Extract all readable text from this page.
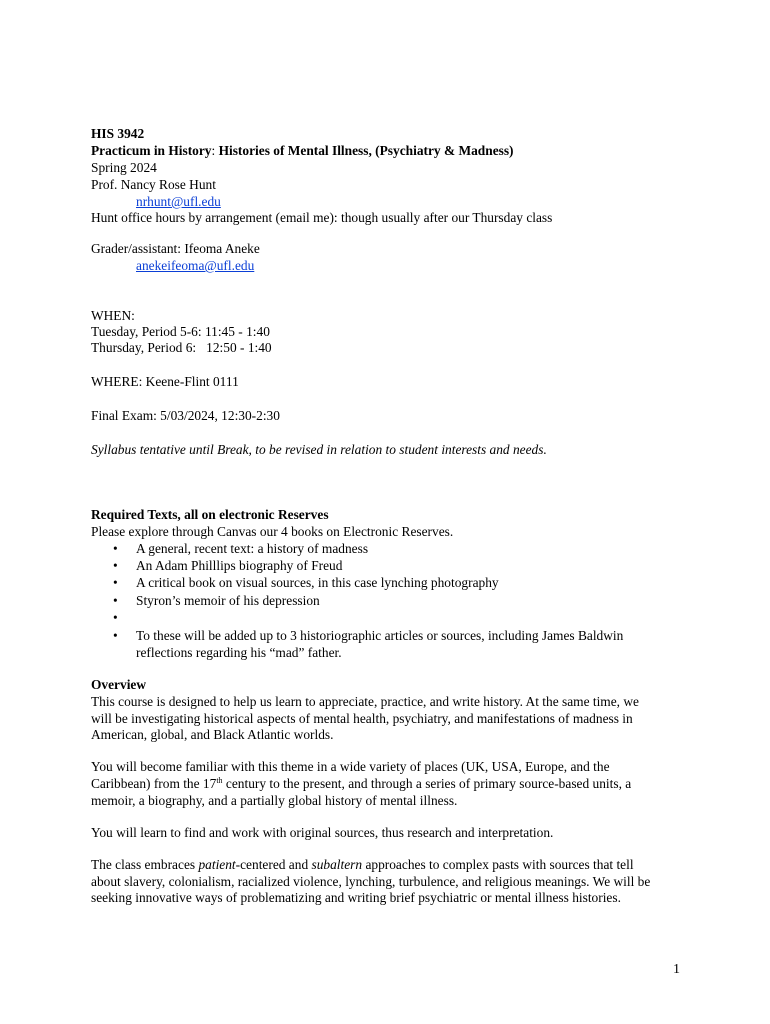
HIS 3942
Practicum in History: Histories of Mental Illness, (Psychiatry & Madness)
Spring 2024
Prof. Nancy Rose Hunt
nrhunt@ufl.edu
Hunt office hours by arrangement (email me): though usually after our Thursday class
Grader/assistant: Ifeoma Aneke
anekeifeoma@ufl.edu
WHEN:
Tuesday, Period 5-6: 11:45 - 1:40
Thursday, Period 6:   12:50 - 1:40
WHERE: Keene-Flint 0111
Final Exam: 5/03/2024, 12:30-2:30
Syllabus tentative until Break, to be revised in relation to student interests and needs.
Required Texts, all on electronic Reserves
Please explore through Canvas our 4 books on Electronic Reserves.
• A general, recent text: a history of madness
• An Adam Philllips biography of Freud
• A critical book on visual sources, in this case lynching photography
• Styron’s memoir of his depression
•
• To these will be added up to 3 historiographic articles or sources, including James Baldwin
reflections regarding his “mad” father.
Overview
This course is designed to help us learn to appreciate, practice, and write history. At the same time, we
will be investigating historical aspects of mental health, psychiatry, and manifestations of madness in
American, global, and Black Atlantic worlds.
You will become familiar with this theme in a wide variety of places (UK, USA, Europe, and the
Caribbean) from the 17th century to the present, and through a series of primary source-based units, a
memoir, a biography, and a partially global history of mental illness.
You will learn to find and work with original sources, thus research and interpretation.
The class embraces patient-centered and subaltern approaches to complex pasts with sources that tell
about slavery, colonialism, racialized violence, lynching, turbulence, and religious meanings. We will be
seeking innovative ways of problematizing and writing brief psychiatric or mental illness histories.
1
